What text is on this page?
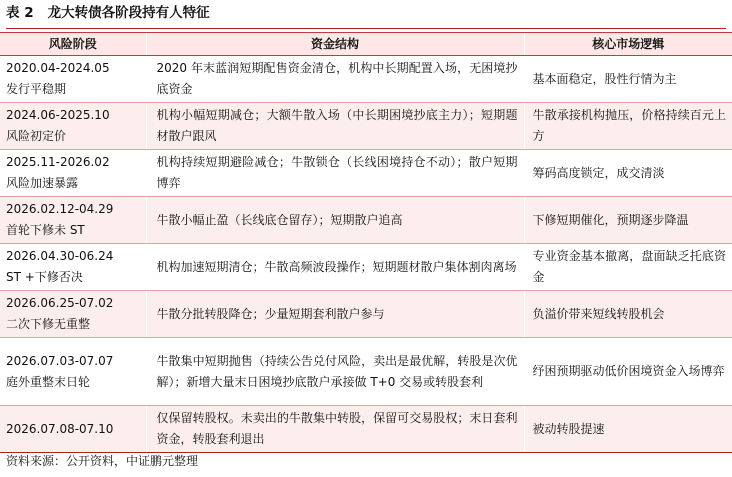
表 2 龙大转债各阶段持有人特征
风险阶段	资金结构	核心市场逻辑

2020.04-2024.05
发行平稳期	2020 年末蓝润短期配售资金清仓，机构中长期配置入场，无困境抄底资金	基本面稳定，股性行情为主

2024.06-2025.10
风险初定价	机构小幅短期减仓；大额牛散入场（中长期困境抄底主力）；短期题材散户跟风	牛散承接机构抛压，价格持续百元上方

2025.11-2026.02
风险加速暴露	机构持续短期避险减仓；牛散锁仓（长线困境持仓不动）；散户短期博弈	筹码高度锁定，成交清淡

2026.02.12-04.29
首轮下修未 ST	牛散小幅止盈（长线底仓留存）；短期散户追高	下修短期催化，预期逐步降温

2026.04.30-06.24
ST +下修否决	机构加速短期清仓；牛散高频波段操作；短期题材散户集体割肉离场	专业资金基本撤离，盘面缺乏托底资金

2026.06.25-07.02
二次下修无重整	牛散分批转股降仓；少量短期套利散户参与	负溢价带来短线转股机会

2026.07.03-07.07
庭外重整末日轮	牛散集中短期抛售（持续公告兑付风险，卖出是最优解，转股是次优解）；新增大量末日困境抄底散户承接做 T+0 交易或转股套利	纾困预期驱动低价困境资金入场博弈

2026.07.08-07.10	仅保留转股权。未卖出的牛散集中转股，保留可交易股权；末日套利资金，转股套利退出	被动转股提速
资料来源：公开资料，中证鹏元整理
